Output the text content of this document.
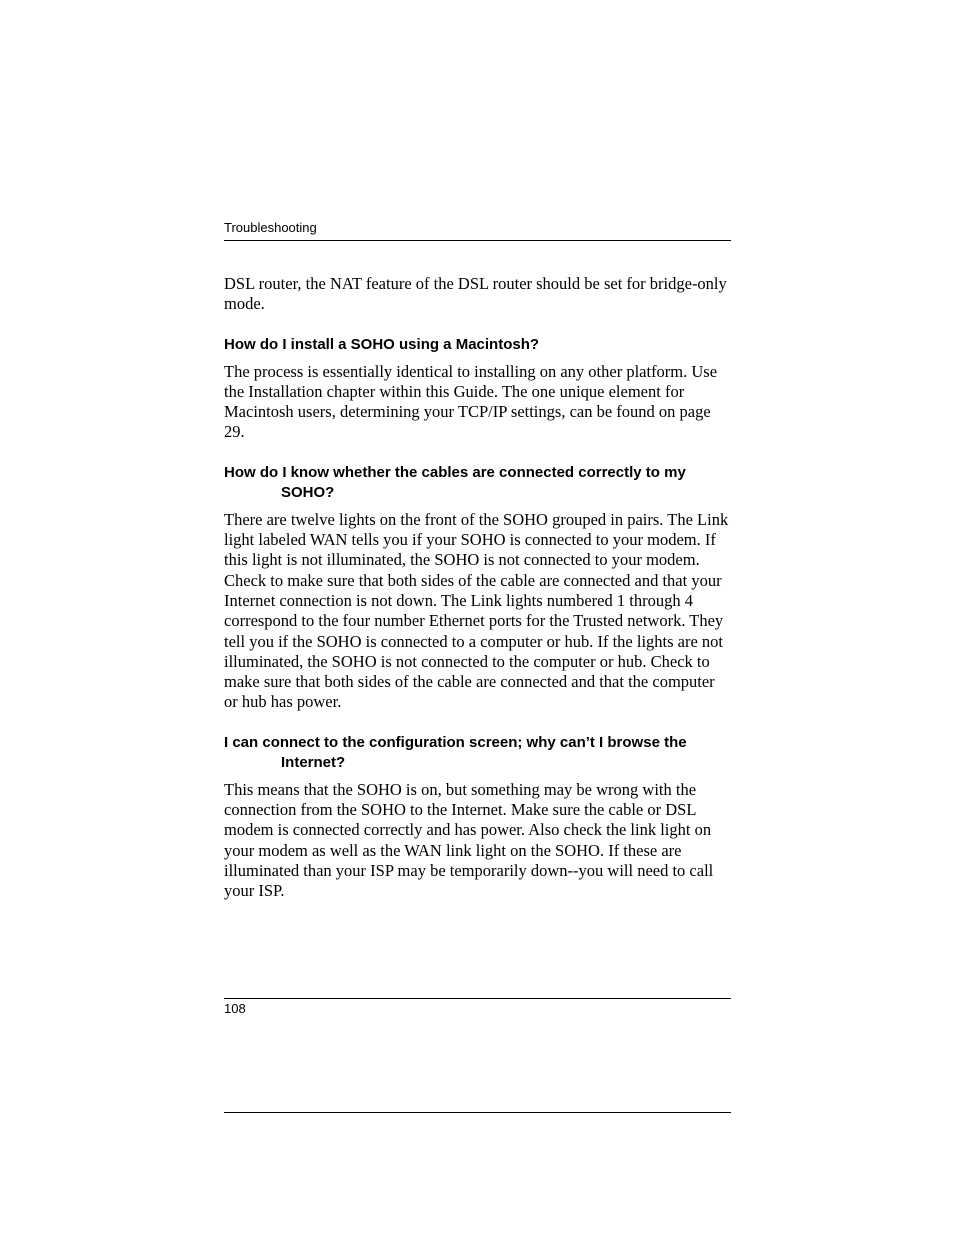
Troubleshooting

DSL router, the NAT feature of the DSL router should be set for bridge-only mode.

How do I install a SOHO using a Macintosh?

The process is essentially identical to installing on any other platform. Use the Installation chapter within this Guide. The one unique element for Macintosh users, determining your TCP/IP settings, can be found on page 29.

How do I know whether the cables are connected correctly to my SOHO?

There are twelve lights on the front of the SOHO grouped in pairs. The Link light labeled WAN tells you if your SOHO is connected to your modem. If this light is not illuminated, the SOHO is not connected to your modem. Check to make sure that both sides of the cable are connected and that your Internet connection is not down. The Link lights numbered 1 through 4 correspond to the four number Ethernet ports for the Trusted network. They tell you if the SOHO is connected to a computer or hub. If the lights are not illuminated, the SOHO is not connected to the computer or hub. Check to make sure that both sides of the cable are connected and that the computer or hub has power.

I can connect to the configuration screen; why can’t I browse the Internet?

This means that the SOHO is on, but something may be wrong with the connection from the SOHO to the Internet. Make sure the cable or DSL modem is connected correctly and has power. Also check the link light on your modem as well as the WAN link light on the SOHO. If these are illuminated than your ISP may be temporarily down--you will need to call your ISP.

108
